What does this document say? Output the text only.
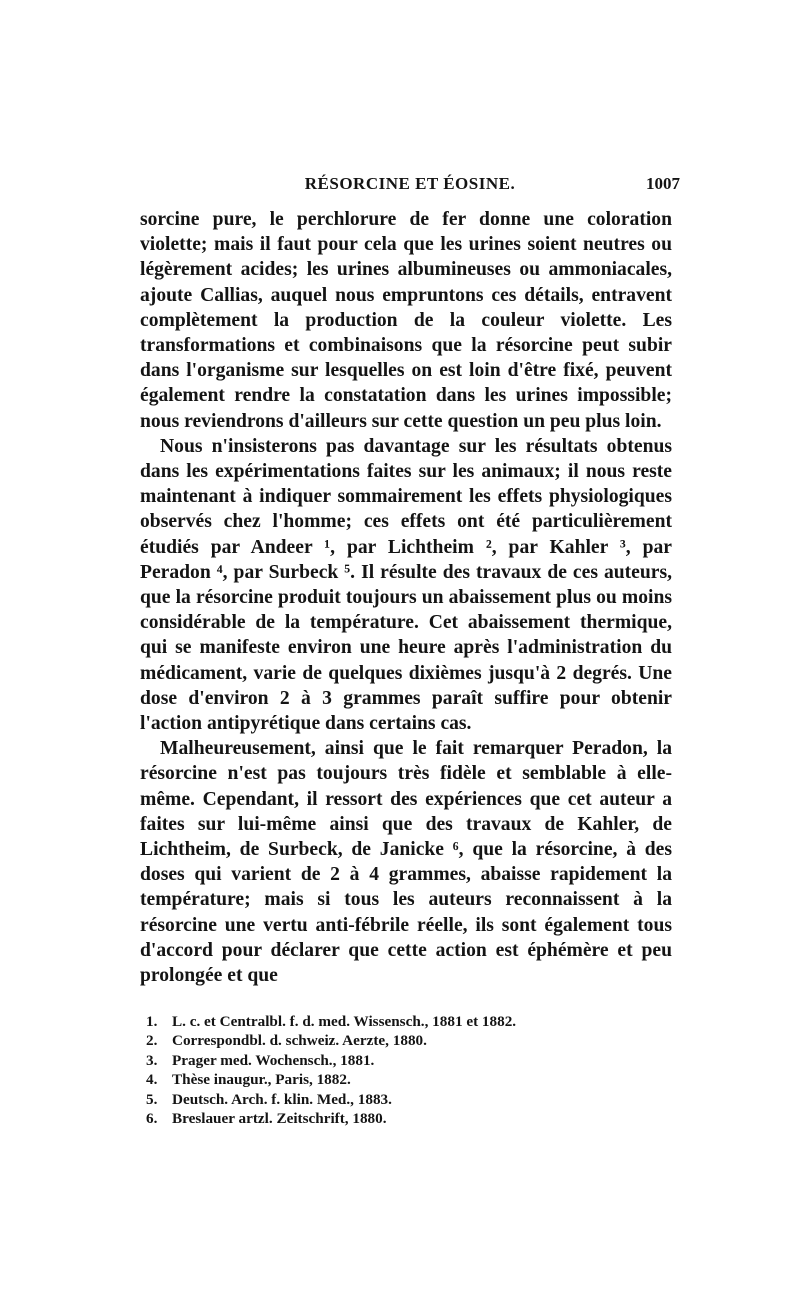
RÉSORCINE ET ÉOSINE.	1007

sorcine pure, le perchlorure de fer donne une coloration violette; mais il faut pour cela que les urines soient neutres ou légèrement acides; les urines albumineuses ou ammoniacales, ajoute Callias, auquel nous empruntons ces détails, entravent complètement la production de la couleur violette. Les transformations et combinaisons que la résorcine peut subir dans l'organisme sur lesquelles on est loin d'être fixé, peuvent également rendre la constatation dans les urines impossible; nous reviendrons d'ailleurs sur cette question un peu plus loin.

Nous n'insisterons pas davantage sur les résultats obtenus dans les expérimentations faites sur les animaux; il nous reste maintenant à indiquer sommairement les effets physiologiques observés chez l'homme; ces effets ont été particulièrement étudiés par Andeer ¹, par Lichtheim ², par Kahler ³, par Peradon ⁴, par Surbeck ⁵. Il résulte des travaux de ces auteurs, que la résorcine produit toujours un abaissement plus ou moins considérable de la température. Cet abaissement thermique, qui se manifeste environ une heure après l'administration du médicament, varie de quelques dixièmes jusqu'à 2 degrés. Une dose d'environ 2 à 3 grammes paraît suffire pour obtenir l'action antipyrétique dans certains cas.

Malheureusement, ainsi que le fait remarquer Peradon, la résorcine n'est pas toujours très fidèle et semblable à elle-même. Cependant, il ressort des expériences que cet auteur a faites sur lui-même ainsi que des travaux de Kahler, de Lichtheim, de Surbeck, de Janicke ⁶, que la résorcine, à des doses qui varient de 2 à 4 grammes, abaisse rapidement la température; mais si tous les auteurs reconnaissent à la résorcine une vertu anti-fébrile réelle, ils sont également tous d'accord pour déclarer que cette action est éphémère et peu prolongée et que

1. L. c. et Centralbl. f. d. med. Wissensch., 1881 et 1882.
2. Correspondbl. d. schweiz. Aerzte, 1880.
3. Prager med. Wochensch., 1881.
4. Thèse inaugur., Paris, 1882.
5. Deutsch. Arch. f. klin. Med., 1883.
6. Breslauer artzl. Zeitschrift, 1880.
